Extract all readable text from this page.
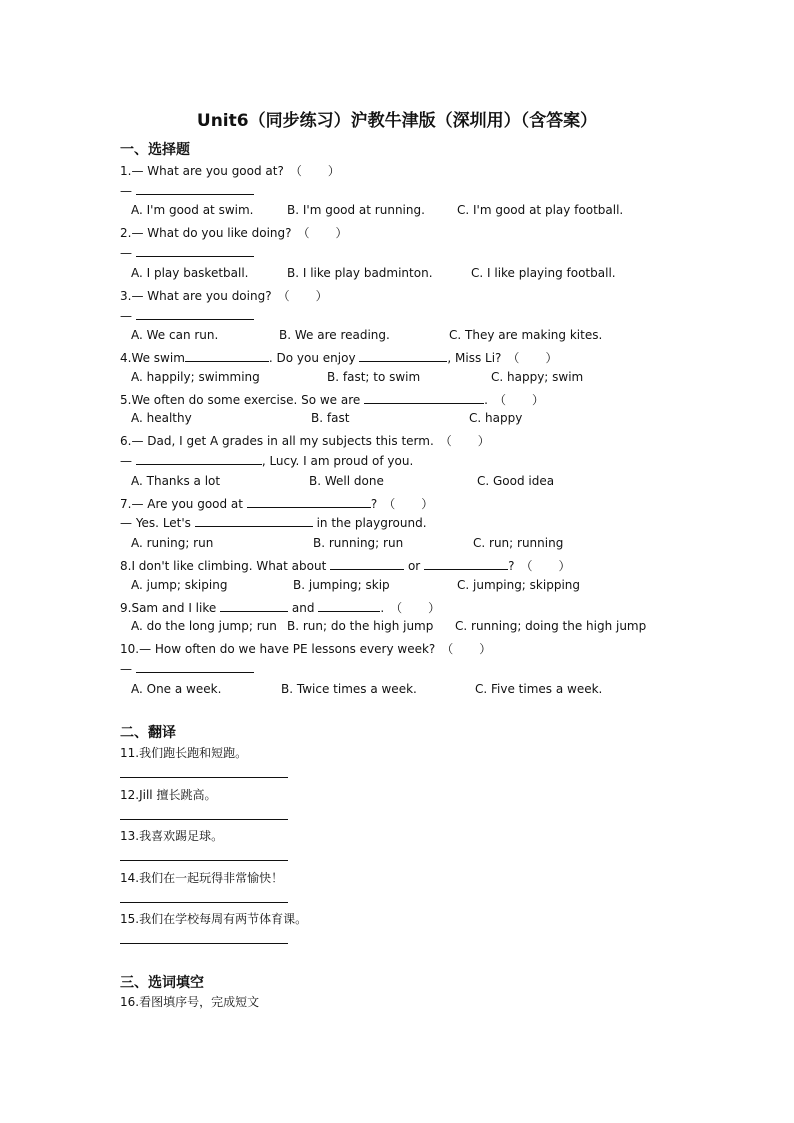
Unit6（同步练习）沪教牛津版（深圳用）（含答案）
一、选择题
1.— What are you good at? （ ）
—
A. I'm good at swim.	B. I'm good at running.	C. I'm good at play football.
2.— What do you like doing? （ ）
—
A. I play basketball.	B. I like play badminton.	C. I like playing football.
3.— What are you doing? （ ）
—
A. We can run.	B. We are reading.	C. They are making kites.
4.We swim	. Do you enjoy	, Miss Li? （ ）
A. happily; swimming	B. fast; to swim	C. happy; swim
5.We often do some exercise. So we are	. （ ）
A. healthy	B. fast	C. happy
6.— Dad, I get A grades in all my subjects this term. （ ）
—	, Lucy. I am proud of you.
A. Thanks a lot	B. Well done	C. Good idea
7.— Are you good at	? （ ）
— Yes. Let's	in the playground.
A. runing; run	B. running; run	C. run; running
8.I don't like climbing. What about	or	? （ ）
A. jump; skiping	B. jumping; skip	C. jumping; skipping
9.Sam and I like	and	. （ ）
A. do the long jump; run B. run; do the high jump C. running; doing the high jump
10.— How often do we have PE lessons every week? （ ）
—
A. One a week.	B. Twice times a week.	C. Five times a week.
二、翻译
11.我们跑长跑和短跑。
12.Jill 擅长跳高。
13.我喜欢踢足球。
14.我们在一起玩得非常愉快！
15.我们在学校每周有两节体育课。
三、选词填空
16.看图填序号，完成短文
